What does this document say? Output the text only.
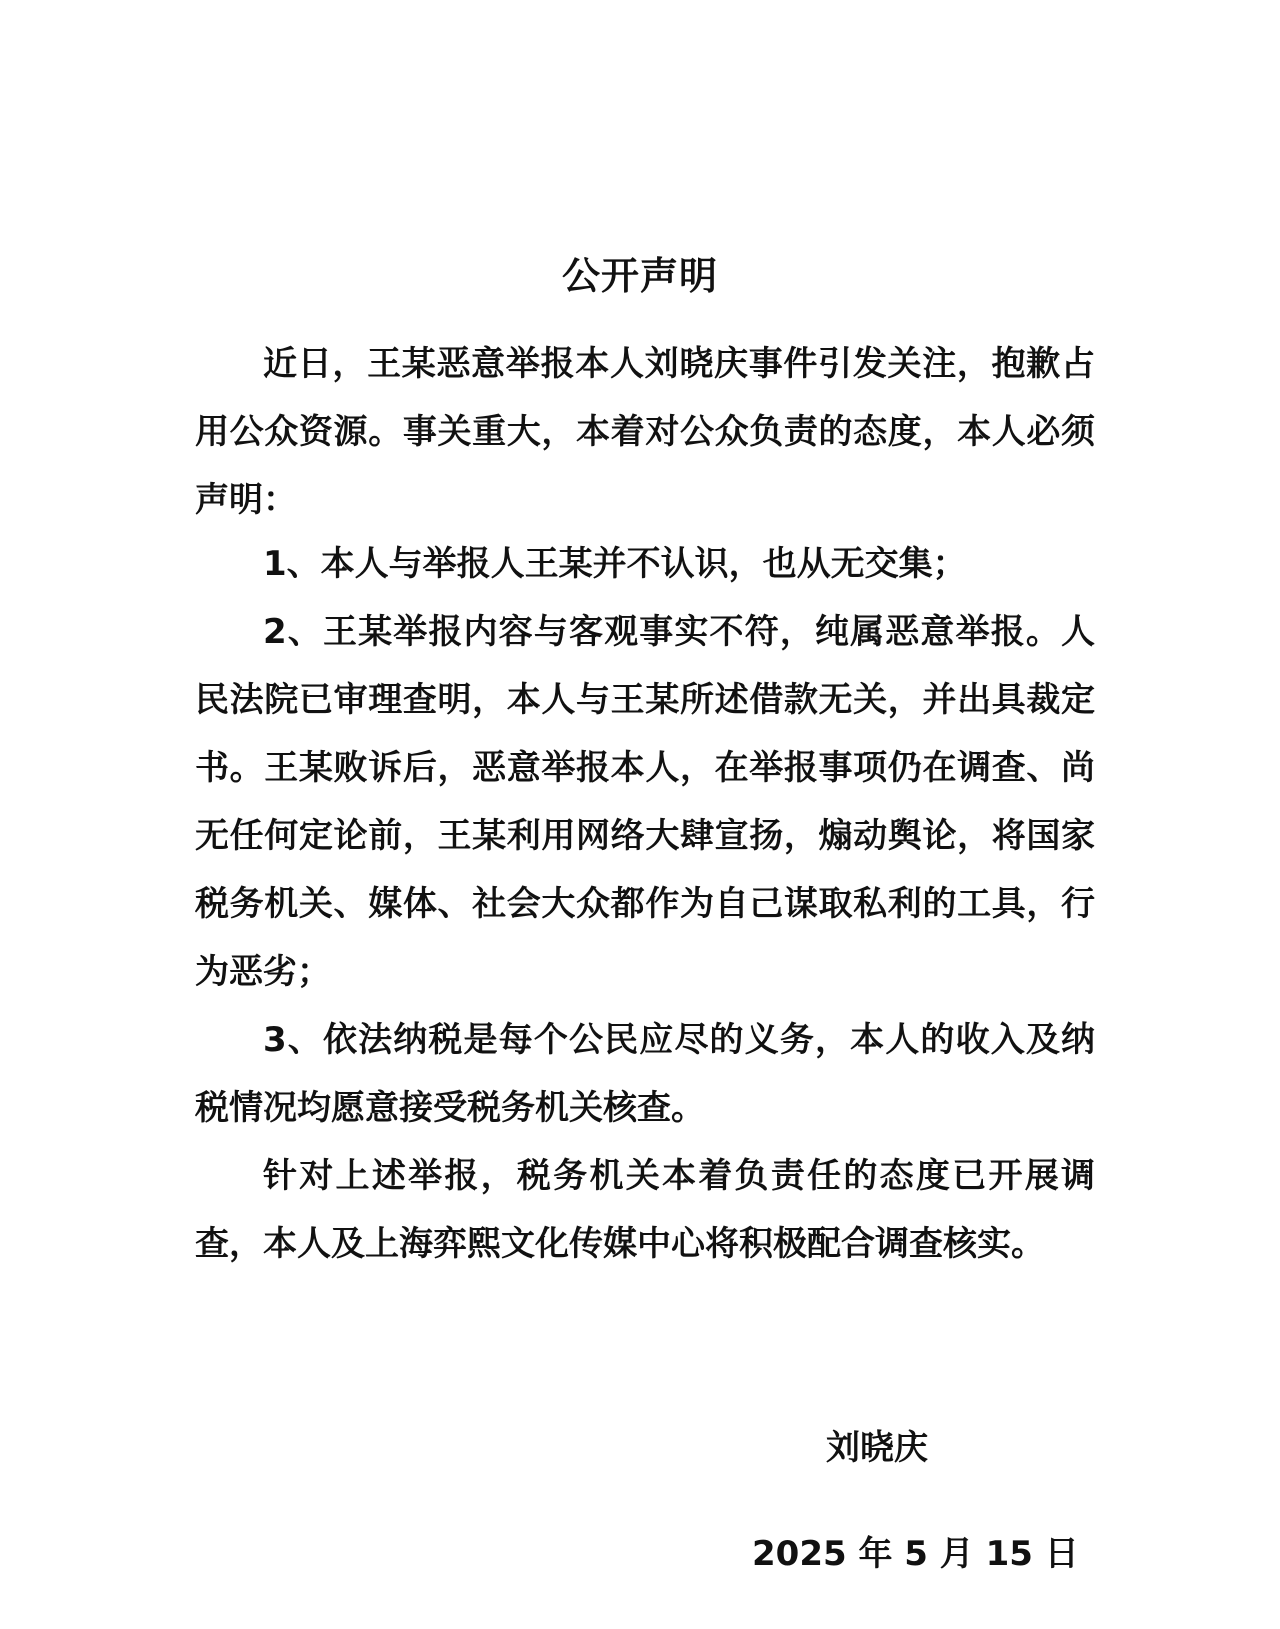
公开声明
近日，王某恶意举报本人刘晓庆事件引发关注，抱歉占用公众资源。事关重大，本着对公众负责的态度，本人必须声明：
1、本人与举报人王某并不认识，也从无交集；
2、王某举报内容与客观事实不符，纯属恶意举报。人民法院已审理查明，本人与王某所述借款无关，并出具裁定书。王某败诉后，恶意举报本人，在举报事项仍在调查、尚无任何定论前，王某利用网络大肆宣扬，煽动舆论，将国家税务机关、媒体、社会大众都作为自己谋取私利的工具，行为恶劣；
3、依法纳税是每个公民应尽的义务，本人的收入及纳税情况均愿意接受税务机关核查。
针对上述举报，税务机关本着负责任的态度已开展调查，本人及上海弈熙文化传媒中心将积极配合调查核实。
刘晓庆
2025 年 5 月 15 日
